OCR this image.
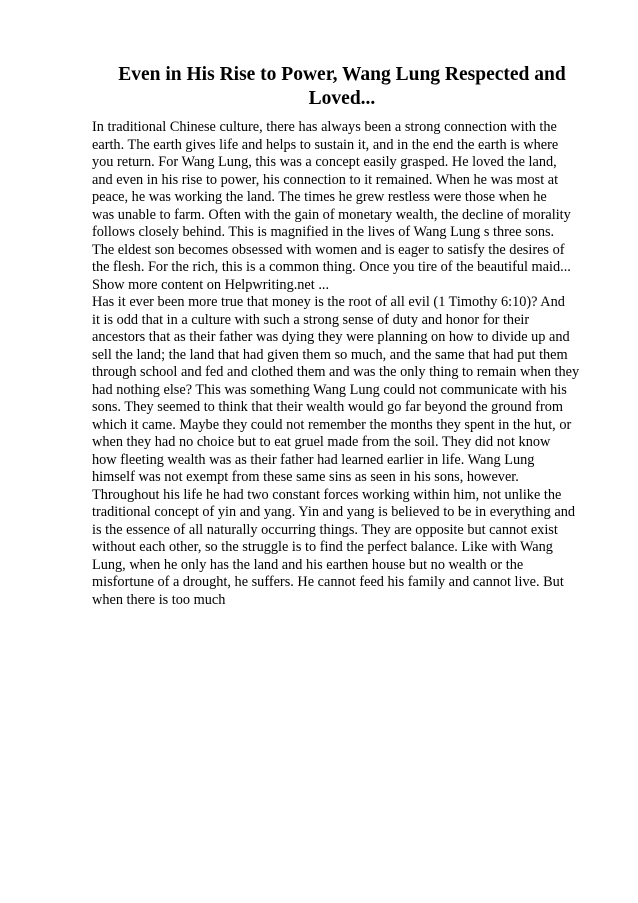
Even in His Rise to Power, Wang Lung Respected and Loved...
In traditional Chinese culture, there has always been a strong connection with the
earth. The earth gives life and helps to sustain it, and in the end the earth is where
you return. For Wang Lung, this was a concept easily grasped. He loved the land,
and even in his rise to power, his connection to it remained. When he was most at
peace, he was working the land. The times he grew restless were those when he
was unable to farm. Often with the gain of monetary wealth, the decline of morality
follows closely behind. This is magnified in the lives of Wang Lung s three sons.
The eldest son becomes obsessed with women and is eager to satisfy the desires of
the flesh. For the rich, this is a common thing. Once you tire of the beautiful maid...
Show more content on Helpwriting.net ...
Has it ever been more true that money is the root of all evil (1 Timothy 6:10)? And
it is odd that in a culture with such a strong sense of duty and honor for their
ancestors that as their father was dying they were planning on how to divide up and
sell the land; the land that had given them so much, and the same that had put them
through school and fed and clothed them and was the only thing to remain when they
had nothing else? This was something Wang Lung could not communicate with his
sons. They seemed to think that their wealth would go far beyond the ground from
which it came. Maybe they could not remember the months they spent in the hut, or
when they had no choice but to eat gruel made from the soil. They did not know
how fleeting wealth was as their father had learned earlier in life. Wang Lung
himself was not exempt from these same sins as seen in his sons, however.
Throughout his life he had two constant forces working within him, not unlike the
traditional concept of yin and yang. Yin and yang is believed to be in everything and
is the essence of all naturally occurring things. They are opposite but cannot exist
without each other, so the struggle is to find the perfect balance. Like with Wang
Lung, when he only has the land and his earthen house but no wealth or the
misfortune of a drought, he suffers. He cannot feed his family and cannot live. But
when there is too much
